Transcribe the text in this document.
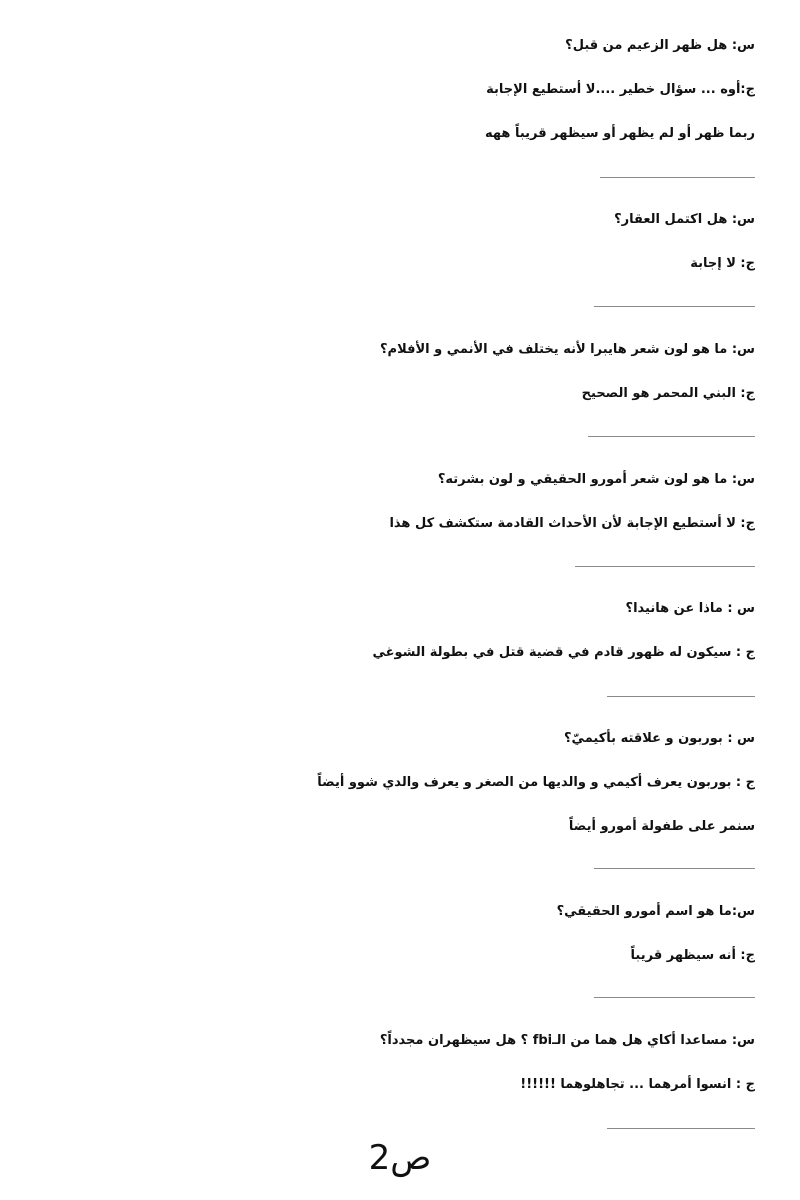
س: هل ظهر الزعيم من قبل؟
ج:أوه ... سؤال خطير ....لا أستطيع الإجابة
ربما ظهر أو لم يظهر أو سيظهر قريباً ههه
س: هل اكتمل العقار؟
ج: لا إجابة
س: ما هو لون شعر هايبرا لأنه يختلف في الأنمي و الأفلام؟
ج: البني المحمر هو الصحيح
س: ما هو لون شعر أمورو الحقيقي و لون بشرته؟
ج: لا أستطيع الإجابة لأن الأحداث القادمة ستكشف كل هذا
س : ماذا عن هانيدا؟
ج : سيكون له ظهور قادم في قضية قتل في بطولة الشوغي
س : بوربون و علاقته بأكيميّ؟
ج : بوربون يعرف أكيمي و والديها من الصغر و يعرف والدي شوو أيضاً
سنمر على طفولة أمورو أيضاً
س:ما هو اسم أمورو الحقيقي؟
ج: أنه سيظهر قريباً
س: مساعدا أكاي هل هما من الـfbi ؟ هل سيظهران مجدداً؟
ج : انسوا أمرهما ... تجاهلوهما !!!!!!
ص2
